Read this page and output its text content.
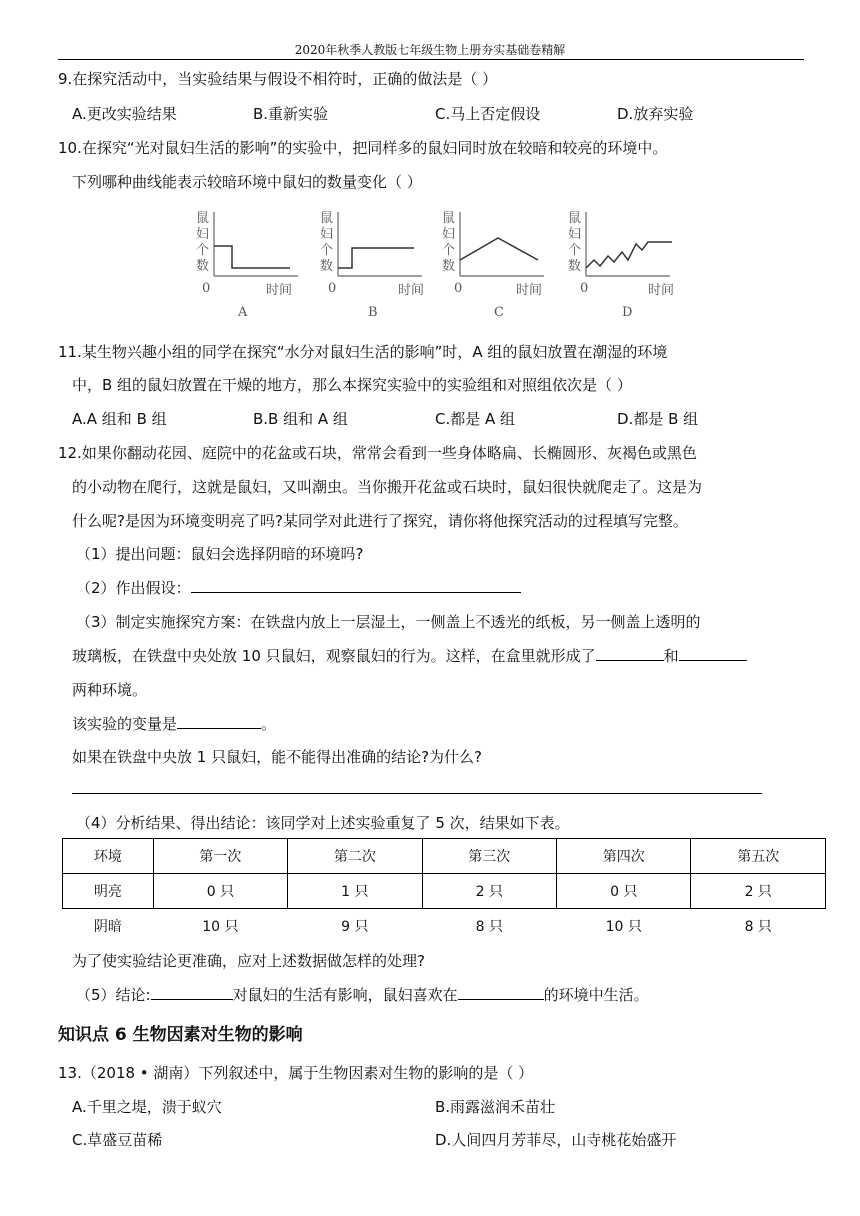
2020年秋季人教版七年级生物上册夯实基础卷精解
9.在探究活动中，当实验结果与假设不相符时，正确的做法是（ ）
A.更改实验结果	B.重新实验	C.马上否定假设	D.放弃实验
10.在探究“光对鼠妇生活的影响”的实验中，把同样多的鼠妇同时放在较暗和较亮的环境中。
下列哪种曲线能表示较暗环境中鼠妇的数量变化（ ）
鼠
妇
个
数
0	时间
A
鼠
妇
个
数
0	时间
B
鼠
妇
个
数
0	时间
C
鼠
妇
个
数
0	时间
D
11.某生物兴趣小组的同学在探究“水分对鼠妇生活的影响”时，A 组的鼠妇放置在潮湿的环境
中，B 组的鼠妇放置在干燥的地方，那么本探究实验中的实验组和对照组依次是（ ）
A.A 组和 B 组	B.B 组和 A 组	C.都是 A 组	D.都是 B 组
12.如果你翻动花园、庭院中的花盆或石块，常常会看到一些身体略扁、长椭圆形、灰褐色或黑色
的小动物在爬行，这就是鼠妇，又叫潮虫。当你搬开花盆或石块时，鼠妇很快就爬走了。这是为
什么呢?是因为环境变明亮了吗?某同学对此进行了探究，请你将他探究活动的过程填写完整。
（1）提出问题：鼠妇会选择阴暗的环境吗?
（2）作出假设：
（3）制定实施探究方案：在铁盘内放上一层湿土，一侧盖上不透光的纸板，另一侧盖上透明的
玻璃板，在铁盘中央处放 10 只鼠妇，观察鼠妇的行为。这样，在盒里就形成了	和
两种环境。
该实验的变量是	。
如果在铁盘中央放 1 只鼠妇，能不能得出准确的结论?为什么?
（4）分析结果、得出结论：该同学对上述实验重复了 5 次，结果如下表。
环境	第一次	第二次	第三次	第四次	第五次
明亮	0 只	1 只	2 只	0 只	2 只
阴暗	10 只	9 只	8 只	10 只	8 只
为了使实验结论更准确，应对上述数据做怎样的处理?
（5）结论:	对鼠妇的生活有影响，鼠妇喜欢在	的环境中生活。
知识点 6 生物因素对生物的影响
13.（2018 • 湖南）下列叙述中，属于生物因素对生物的影响的是（ ）
A.千里之堤，溃于蚁穴	B.雨露滋润禾苗壮
C.草盛豆苗稀	D.人间四月芳菲尽，山寺桃花始盛开
